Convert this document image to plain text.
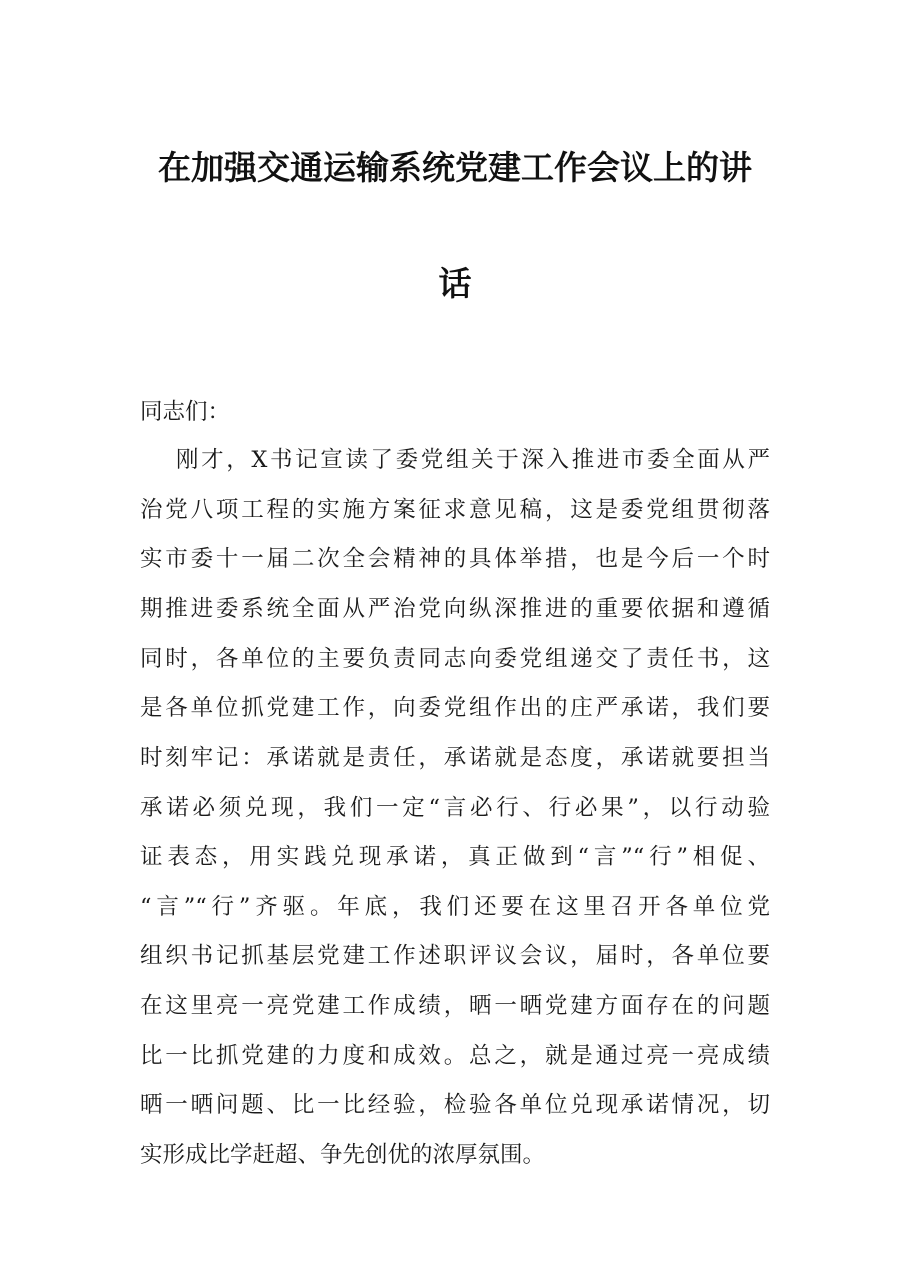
在加强交通运输系统党建工作会议上的讲
话
同志们：
刚才，X书记宣读了委党组关于深入推进市委全面从严
治党八项工程的实施方案征求意见稿，这是委党组贯彻落
实市委十一届二次全会精神的具体举措，也是今后一个时
期推进委系统全面从严治党向纵深推进的重要依据和遵循
同时，各单位的主要负责同志向委党组递交了责任书，这
是各单位抓党建工作，向委党组作出的庄严承诺，我们要
时刻牢记：承诺就是责任，承诺就是态度，承诺就要担当
承诺必须兑现，我们一定“言必行、行必果”，以行动验
证表态，用实践兑现承诺，真正做到“言”“行”相促、
“言”“行”齐驱。年底，我们还要在这里召开各单位党
组织书记抓基层党建工作述职评议会议，届时，各单位要
在这里亮一亮党建工作成绩，晒一晒党建方面存在的问题
比一比抓党建的力度和成效。总之，就是通过亮一亮成绩
晒一晒问题、比一比经验，检验各单位兑现承诺情况，切
实形成比学赶超、争先创优的浓厚氛围。
